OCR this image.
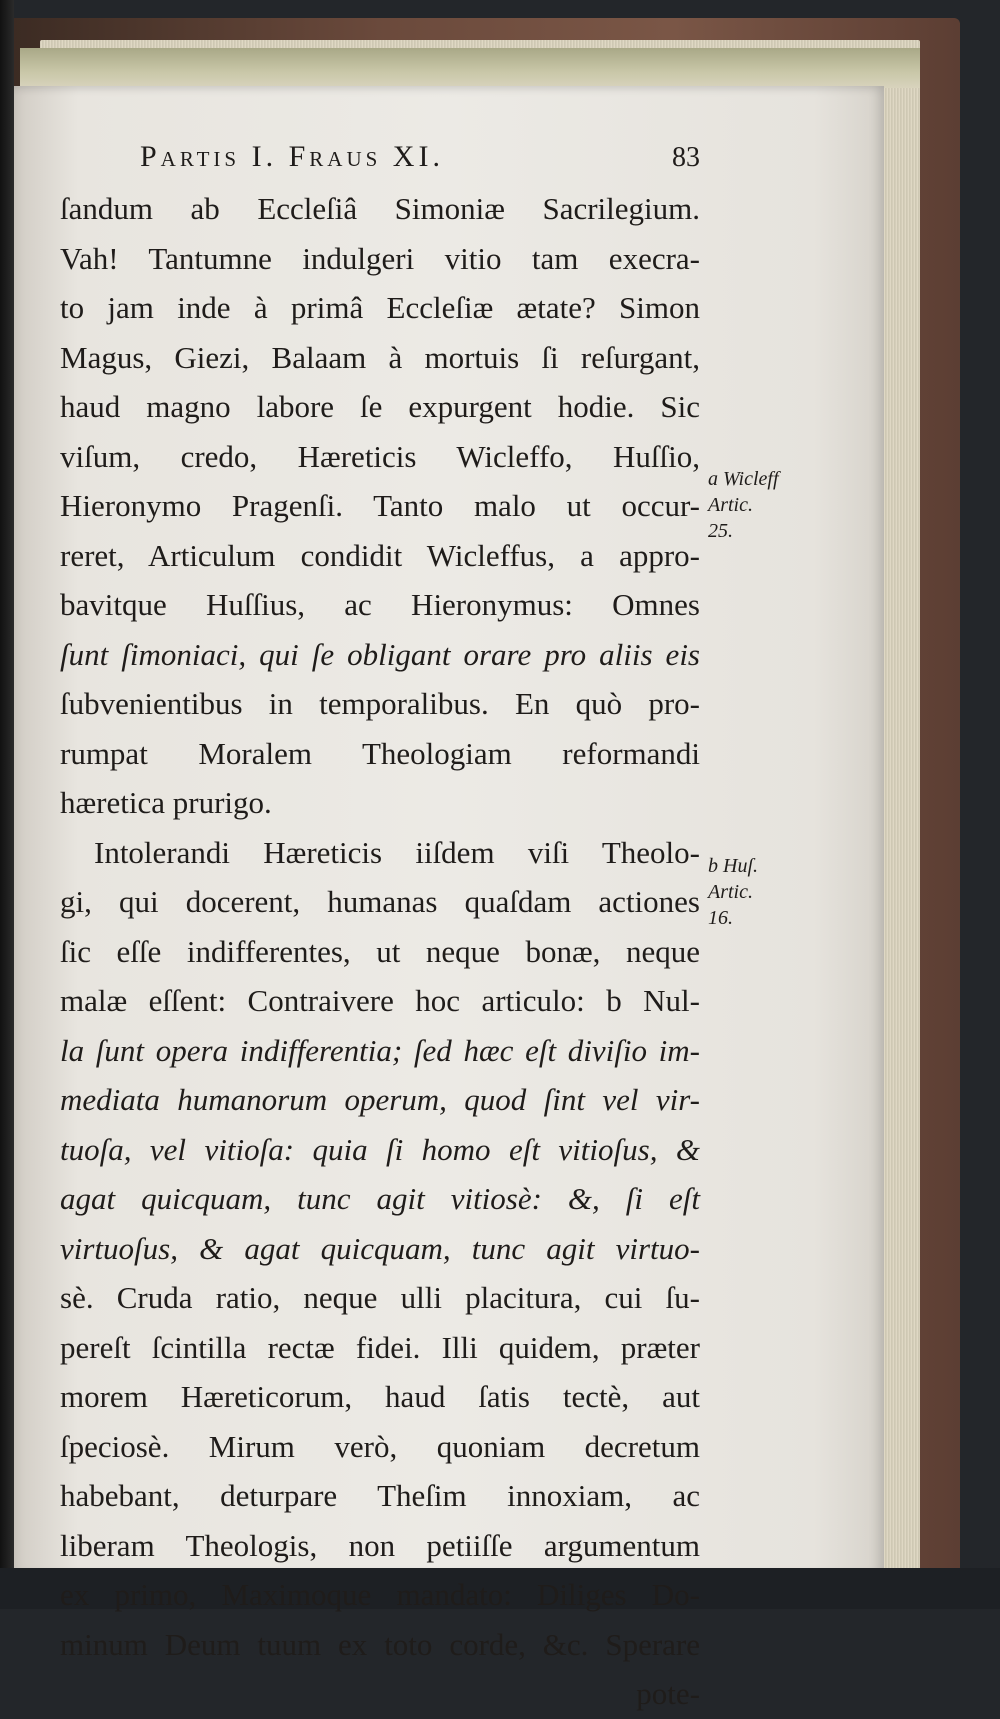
Partis I. Fraus XI.	83
ſandum ab Eccleſiâ Simoniæ Sacrilegium.
Vah! Tantumne indulgeri vitio tam execra-
to jam inde à primâ Eccleſiæ ætate? Simon
Magus, Giezi, Balaam à mortuis ſi reſurgant,
haud magno labore ſe expurgent hodie. Sic
viſum, credo, Hæreticis Wicleffo, Huſſio,
Hieronymo Pragenſi. Tanto malo ut occur-
reret, Articulum condidit Wicleffus, a appro-
bavitque Huſſius, ac Hieronymus: Omnes
ſunt ſimoniaci, qui ſe obligant orare pro aliis eis
ſubvenientibus in temporalibus. En quò pro-
rumpat Moralem Theologiam reformandi
hæretica prurigo.
Intolerandi Hæreticis iiſdem viſi Theolo-
gi, qui docerent, humanas quaſdam actiones
ſic eſſe indifferentes, ut neque bonæ, neque
malæ eſſent: Contraivere hoc articulo: b Nul-
la ſunt opera indifferentia; ſed hæc eſt diviſio im-
mediata humanorum operum, quod ſint vel vir-
tuoſa, vel vitioſa: quia ſi homo eſt vitioſus, &
agat quicquam, tunc agit vitiosè: &, ſi eſt
virtuoſus, & agat quicquam, tunc agit virtuo-
sè. Cruda ratio, neque ulli placitura, cui ſu-
pereſt ſcintilla rectæ fidei. Illi quidem, præter
morem Hæreticorum, haud ſatis tectè, aut
ſpeciosè. Mirum verò, quoniam decretum
habebant, deturpare Theſim innoxiam, ac
liberam Theologis, non petiiſſe argumentum
ex primo, Maximoque mandato: Diliges Do-
minum Deum tuum ex toto corde, &c. Sperare
pote-
a Wicleff
Artic.
25.
b Huſ.
Artic.
16.
